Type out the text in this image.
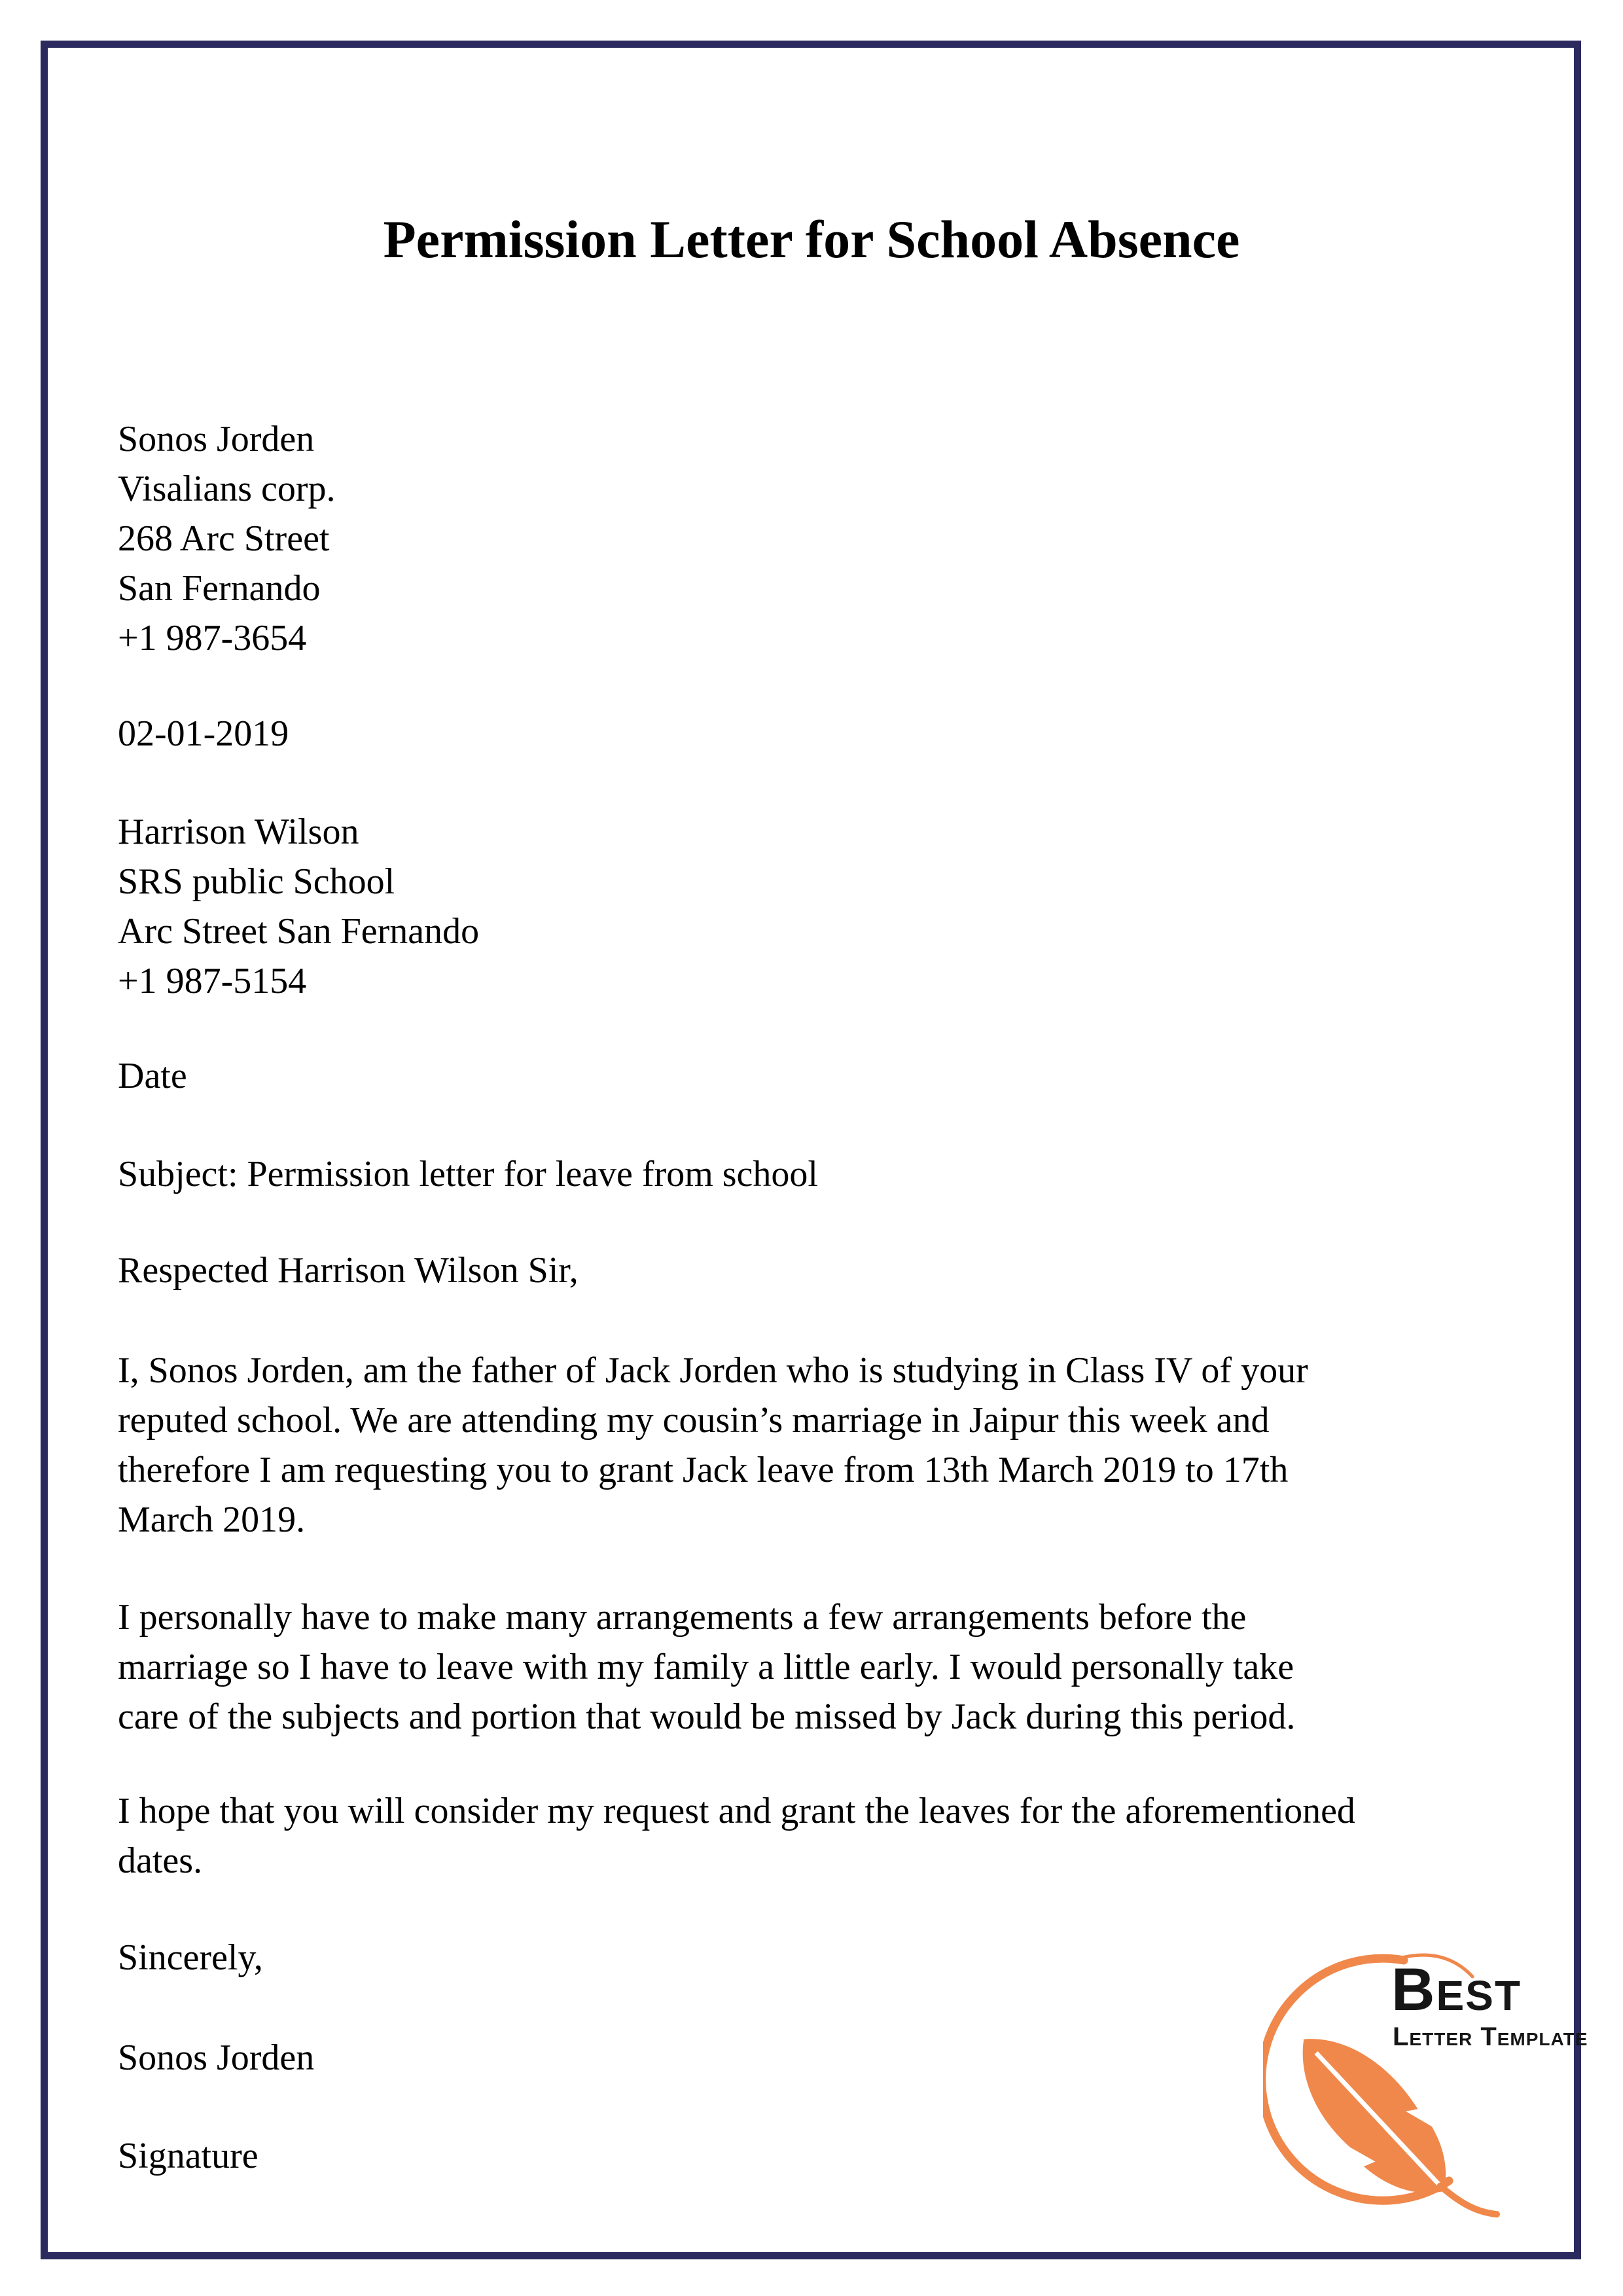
Permission Letter for School Absence
Sonos Jorden
Visalians corp.
268 Arc Street
San Fernando
+1 987-3654
02-01-2019
Harrison Wilson
SRS public School
Arc Street San Fernando
+1 987-5154
Date
Subject: Permission letter for leave from school
Respected Harrison Wilson Sir,
I, Sonos Jorden, am the father of Jack Jorden who is studying in Class IV of your
reputed school. We are attending my cousin’s marriage in Jaipur this week and
therefore I am requesting you to grant Jack leave from 13th March 2019 to 17th
March 2019.
I personally have to make many arrangements a few arrangements before the
marriage so I have to leave with my family a little early. I would personally take
care of the subjects and portion that would be missed by Jack during this period.
I hope that you will consider my request and grant the leaves for the aforementioned
dates.
Sincerely,
Sonos Jorden
Signature
Best
Letter Template
